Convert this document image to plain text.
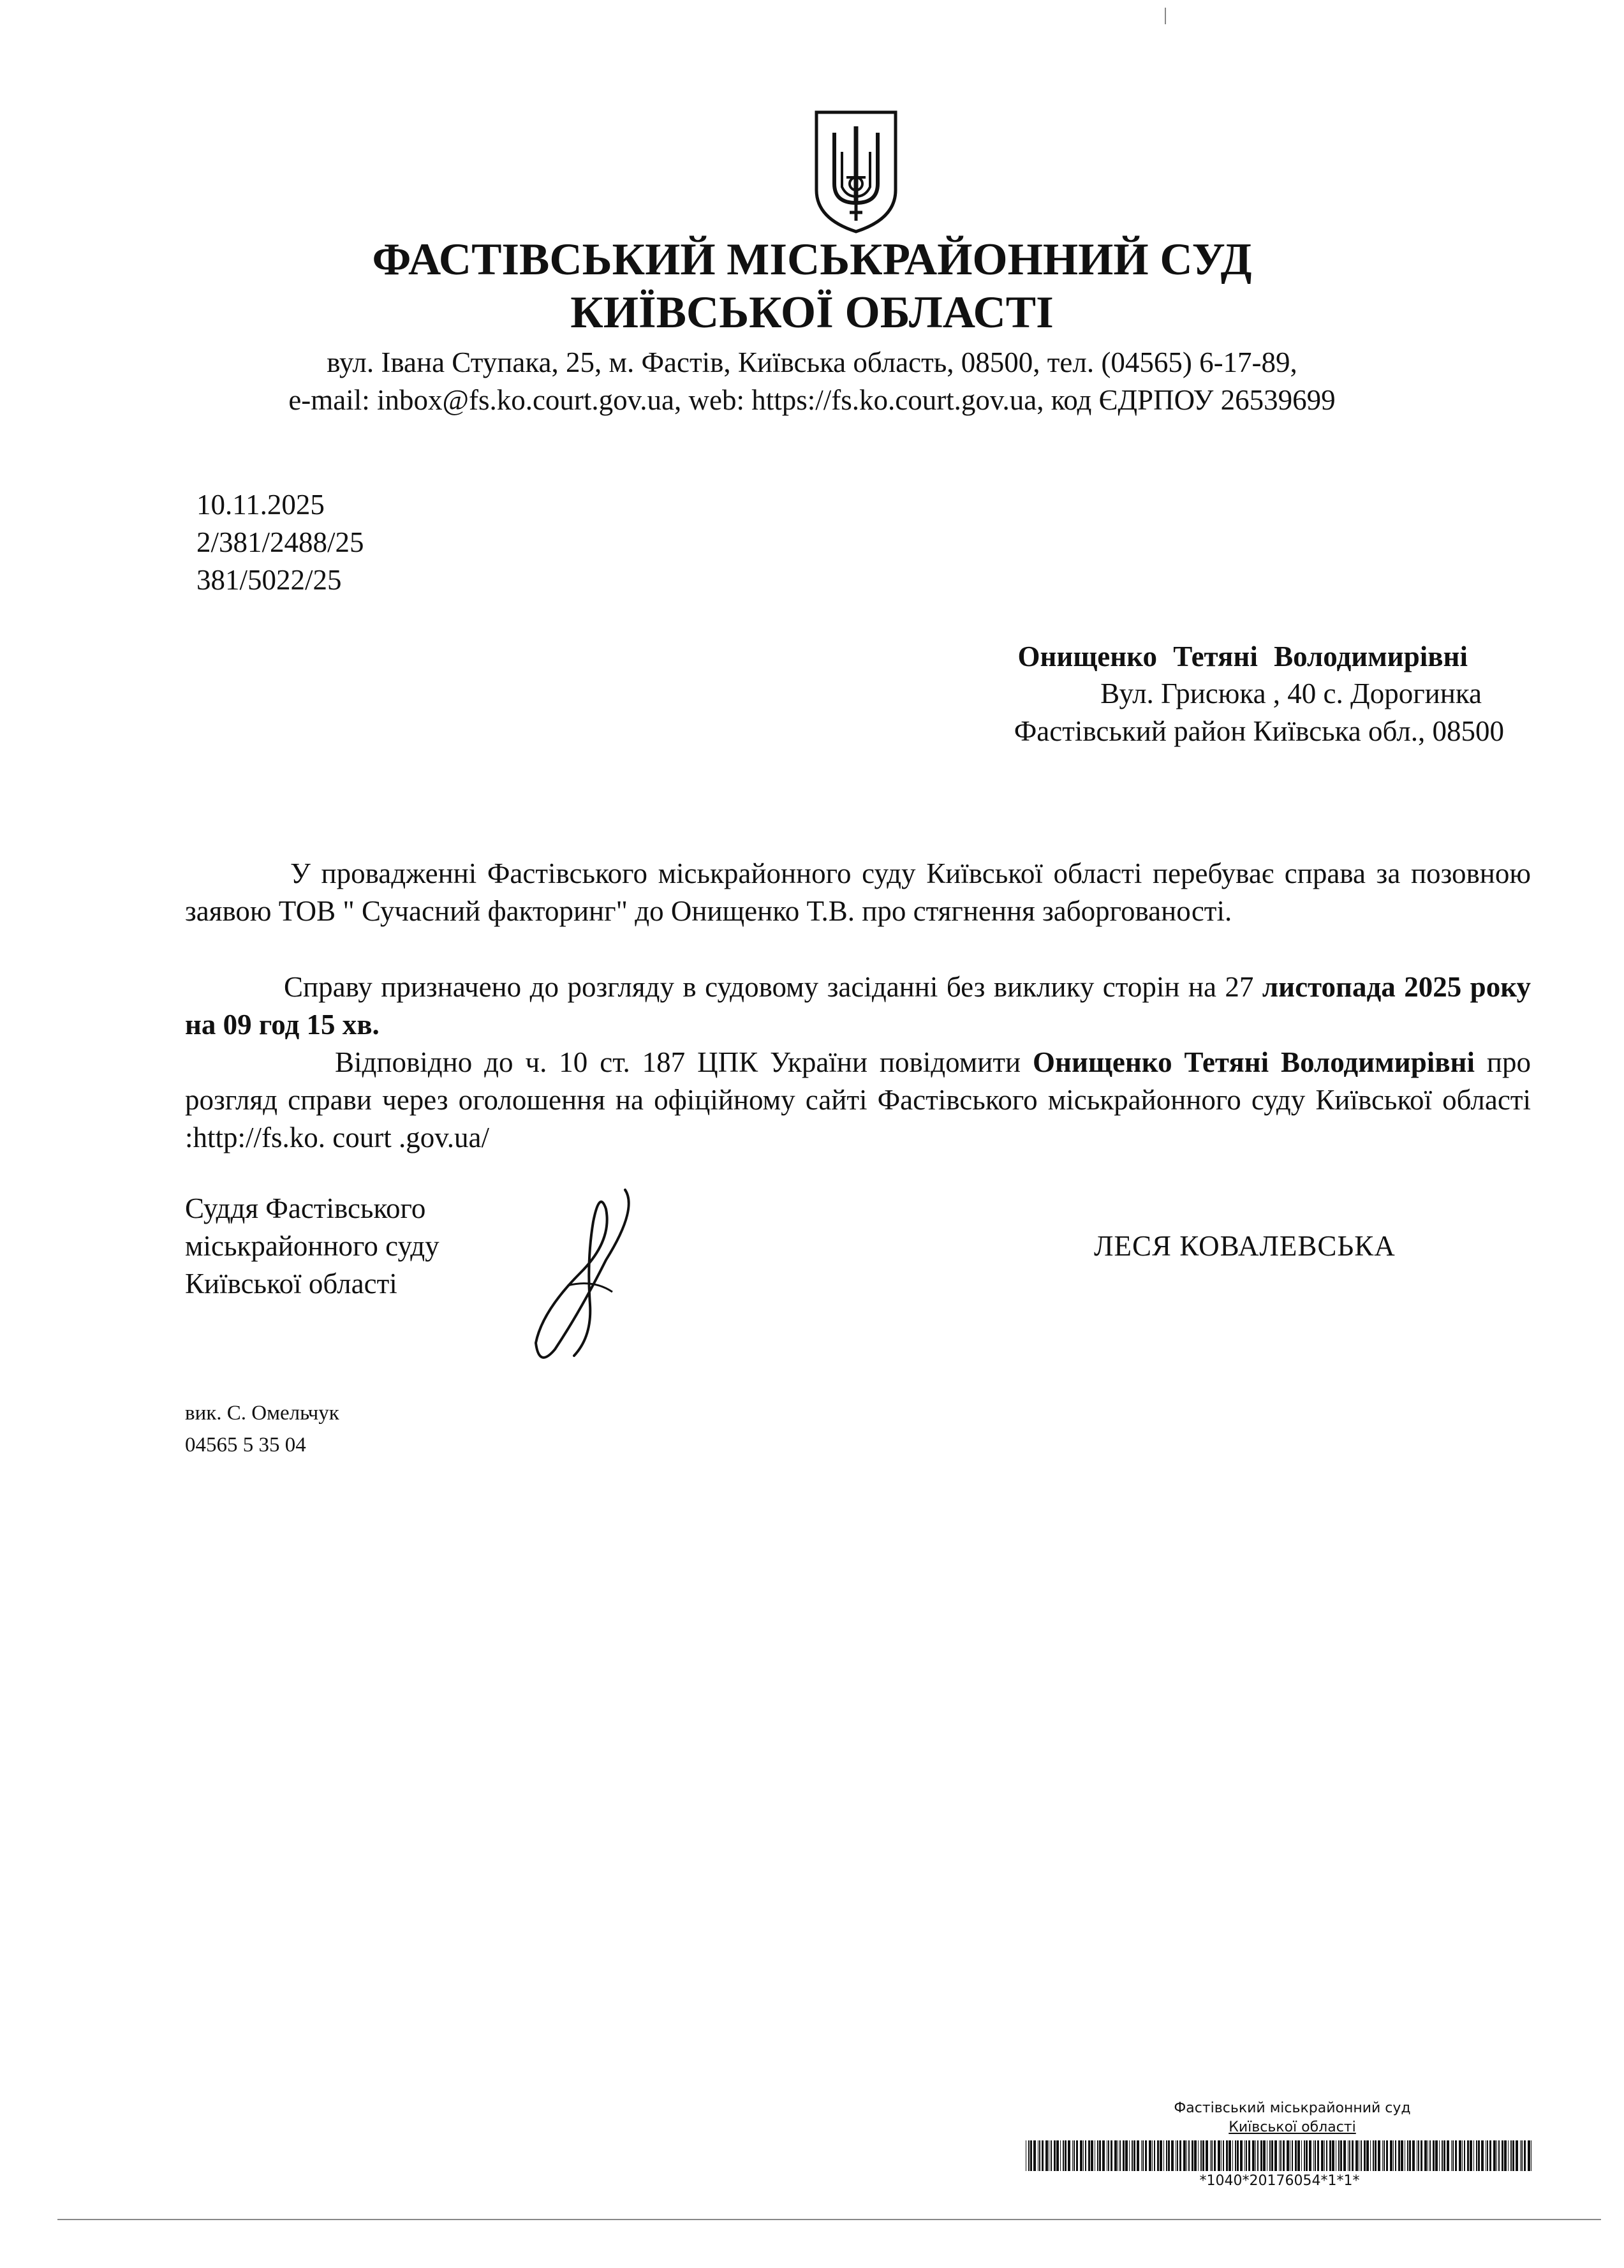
ФАСТІВСЬКИЙ МІСЬКРАЙОННИЙ СУД
КИЇВСЬКОЇ ОБЛАСТІ
вул. Івана Ступака, 25, м. Фастів, Київська область, 08500, тел. (04565) 6-17-89,
e-mail: inbox@fs.ko.court.gov.ua, web: https://fs.ko.court.gov.ua, код ЄДРПОУ 26539699
10.11.2025
2/381/2488/25
381/5022/25
Онищенко Тетяні Володимирівні
Вул. Грисюка , 40 с. Дорогинка
Фастівський район Київська обл., 08500
У провадженні Фастівського міськрайонного суду Київської області перебуває справа за позовною заявою ТОВ " Сучасний факторинг" до Онищенко Т.В. про стягнення заборгованості.
Справу призначено до розгляду в судовому засіданні без виклику сторін на 27 листопада 2025 року на 09 год 15 хв.
Відповідно до ч. 10 ст. 187 ЦПК України повідомити Онищенко Тетяні Володимирівні про розгляд справи через оголошення на офіційному сайті Фастівського міськрайонного суду Київської області :http://fs.ko. court .gov.ua/
Суддя Фастівського
міськрайонного суду
Київської області
ЛЕСЯ КОВАЛЕВСЬКА
вик. С. Омельчук
04565 5 35 04
Фастівський міськрайонний суд
Київської області
*1040*20176054*1*1*
